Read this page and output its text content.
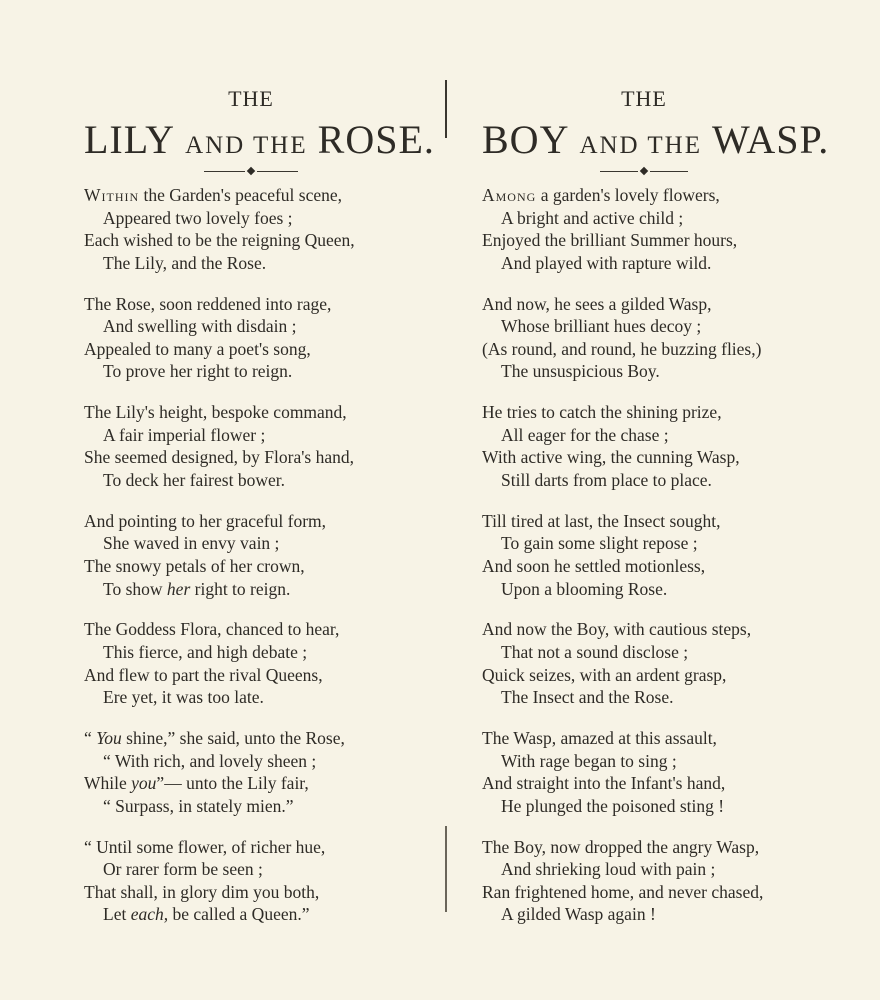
THE
LILY AND THE ROSE.
Within the Garden's peaceful scene,
Appeared two lovely foes ;
Each wished to be the reigning Queen,
The Lily, and the Rose.
The Rose, soon reddened into rage,
And swelling with disdain ;
Appealed to many a poet's song,
To prove her right to reign.
The Lily's height, bespoke command,
A fair imperial flower ;
She seemed designed, by Flora's hand,
To deck her fairest bower.
And pointing to her graceful form,
She waved in envy vain ;
The snowy petals of her crown,
To show her right to reign.
The Goddess Flora, chanced to hear,
This fierce, and high debate ;
And flew to part the rival Queens,
Ere yet, it was too late.
“ You shine,” she said, unto the Rose,
“ With rich, and lovely sheen ;
While you”— unto the Lily fair,
“ Surpass, in stately mien.”
“ Until some flower, of richer hue,
Or rarer form be seen ;
That shall, in glory dim you both,
Let each, be called a Queen.”
THE
BOY AND THE WASP.
Among a garden's lovely flowers,
A bright and active child ;
Enjoyed the brilliant Summer hours,
And played with rapture wild.
And now, he sees a gilded Wasp,
Whose brilliant hues decoy ;
(As round, and round, he buzzing flies,)
The unsuspicious Boy.
He tries to catch the shining prize,
All eager for the chase ;
With active wing, the cunning Wasp,
Still darts from place to place.
Till tired at last, the Insect sought,
To gain some slight repose ;
And soon he settled motionless,
Upon a blooming Rose.
And now the Boy, with cautious steps,
That not a sound disclose ;
Quick seizes, with an ardent grasp,
The Insect and the Rose.
The Wasp, amazed at this assault,
With rage began to sing ;
And straight into the Infant's hand,
He plunged the poisoned sting !
The Boy, now dropped the angry Wasp,
And shrieking loud with pain ;
Ran frightened home, and never chased,
A gilded Wasp again !
